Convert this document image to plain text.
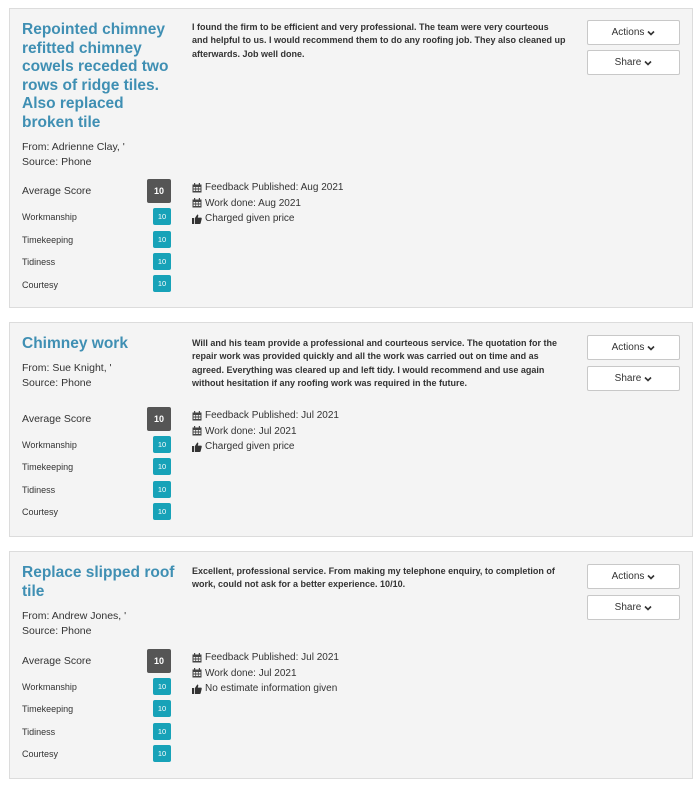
Repointed chimney refitted chimney cowels receded two rows of ridge tiles. Also replaced broken tile
From: Adrienne Clay, '
Source: Phone
Average Score	10
Workmanship	10
Timekeeping	10
Tidiness	10
Courtesy	10
I found the firm to be efficient and very professional. The team were very courteous and helpful to us. I would recommend them to do any roofing job. They also cleaned up afterwards. Job well done.
Feedback Published: Aug 2021
Work done: Aug 2021
Charged given price
Actions
Share
Chimney work
From: Sue Knight, '
Source: Phone
Average Score	10
Workmanship	10
Timekeeping	10
Tidiness	10
Courtesy	10
Will and his team provide a professional and courteous service. The quotation for the repair work was provided quickly and all the work was carried out on time and as agreed. Everything was cleared up and left tidy. I would recommend and use again without hesitation if any roofing work was required in the future.
Feedback Published: Jul 2021
Work done: Jul 2021
Charged given price
Actions
Share
Replace slipped roof tile
From: Andrew Jones, '
Source: Phone
Average Score	10
Workmanship	10
Timekeeping	10
Tidiness	10
Courtesy	10
Excellent, professional service. From making my telephone enquiry, to completion of work, could not ask for a better experience. 10/10.
Feedback Published: Jul 2021
Work done: Jul 2021
No estimate information given
Actions
Share
